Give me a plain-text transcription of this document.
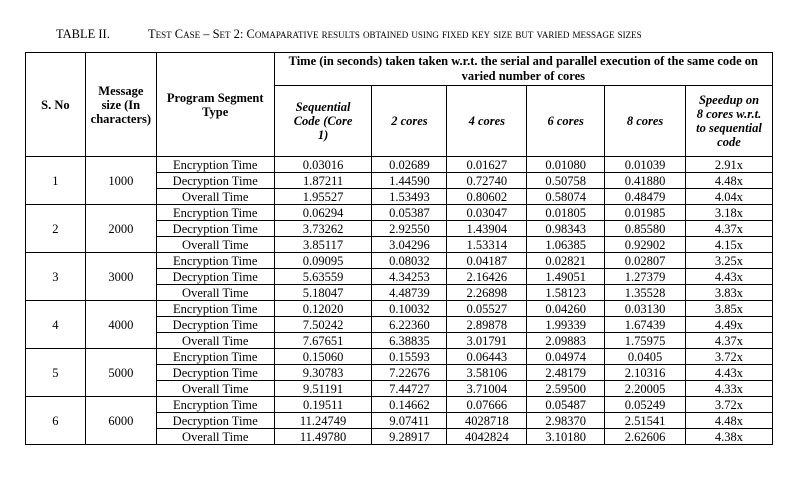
TABLE II.	Test Case – Set 2: Comaparative results obtained using fixed key size but varied message sizes
S. No	Message size (In characters)	Program Segment Type	Time (in seconds) taken taken w.r.t. the serial and parallel execution of the same code on varied number of cores					
			Sequential Code (Core 1)	2 cores	4 cores	6 cores	8 cores	Speedup on 8 cores w.r.t. to sequential code
1	1000	Encryption Time	0.03016	0.02689	0.01627	0.01080	0.01039	2.91x
		Decryption Time	1.87211	1.44590	0.72740	0.50758	0.41880	4.48x
		Overall Time	1.95527	1.53493	0.80602	0.58074	0.48479	4.04x
2	2000	Encryption Time	0.06294	0.05387	0.03047	0.01805	0.01985	3.18x
		Decryption Time	3.73262	2.92550	1.43904	0.98343	0.85580	4.37x
		Overall Time	3.85117	3.04296	1.53314	1.06385	0.92902	4.15x
3	3000	Encryption Time	0.09095	0.08032	0.04187	0.02821	0.02807	3.25x
		Decryption Time	5.63559	4.34253	2.16426	1.49051	1.27379	4.43x
		Overall Time	5.18047	4.48739	2.26898	1.58123	1.35528	3.83x
4	4000	Encryption Time	0.12020	0.10032	0.05527	0.04260	0.03130	3.85x
		Decryption Time	7.50242	6.22360	2.89878	1.99339	1.67439	4.49x
		Overall Time	7.67651	6.38835	3.01791	2.09883	1.75975	4.37x
5	5000	Encryption Time	0.15060	0.15593	0.06443	0.04974	0.0405	3.72x
		Decryption Time	9.30783	7.22676	3.58106	2.48179	2.10316	4.43x
		Overall Time	9.51191	7.44727	3.71004	2.59500	2.20005	4.33x
6	6000	Encryption Time	0.19511	0.14662	0.07666	0.05487	0.05249	3.72x
		Decryption Time	11.24749	9.07411	4028718	2.98370	2.51541	4.48x
		Overall Time	11.49780	9.28917	4042824	3.10180	2.62606	4.38x
